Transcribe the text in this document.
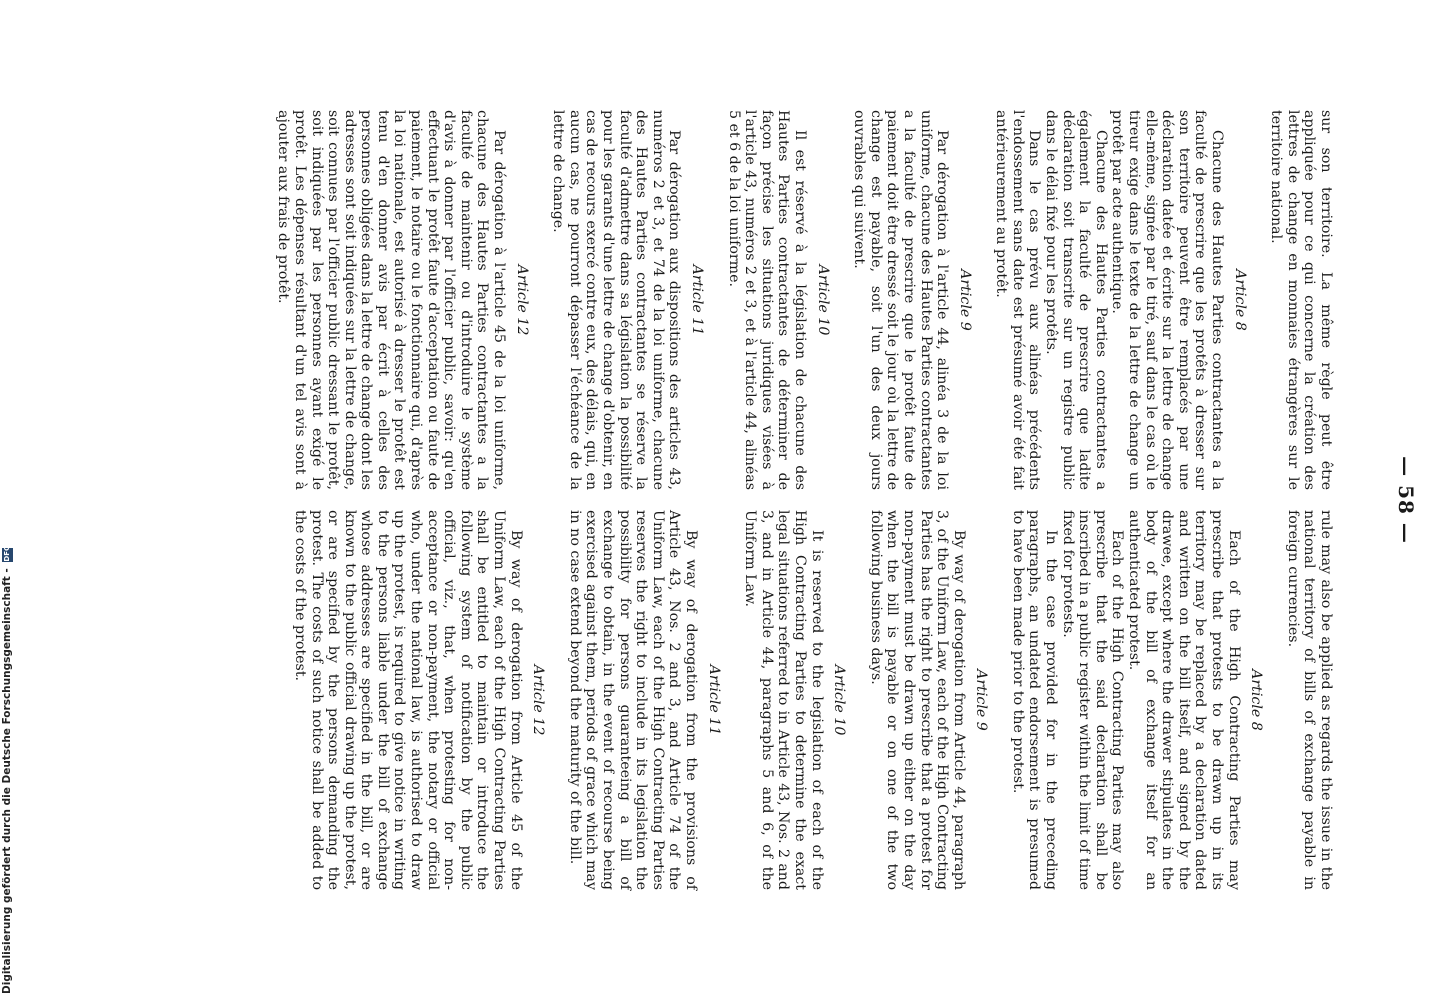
— 58 —

sur son territoire. La même règle peut être appliquée pour ce qui concerne la création des lettres de change en monnaies étrangères sur le territoire national.

Article 8

Chacune des Hautes Parties contractantes a la faculté de prescrire que les protêts à dresser sur son territoire peuvent être remplacés par une déclaration datée et écrite sur la lettre de change elle-même, signée par le tiré, sauf dans le cas où le tireur exige dans le texte de la lettre de change un protêt par acte authentique.

Chacune des Hautes Parties contractantes a également la faculté de prescrire que ladite déclaration soit transcrite sur un registre public dans le délai fixé pour les protêts.

Dans le cas prévu aux alinéas précédents l'endossement sans date est présumé avoir été fait antérieurement au protêt.

Article 9

Par dérogation à l'article 44, alinéa 3 de la loi uniforme, chacune des Hautes Parties contractantes a la faculté de prescrire que le protêt faute de paiement doit être dressé soit le jour où la lettre de change est payable, soit l'un des deux jours ouvrables qui suivent.

Article 10

Il est réservé à la législation de chacune des Hautes Parties contractantes de déterminer de façon précise les situations juridiques visées à l'article 43, numéros 2 et 3, et à l'article 44, alinéas 5 et 6 de la loi uniforme.

Article 11

Par dérogation aux dispositions des articles 43, numéros 2 et 3, et 74 de la loi uniforme, chacune des Hautes Parties contractantes se réserve la faculté d'admettre dans sa législation la possibilité pour les garants d'une lettre de change d'obtenir, en cas de recours exercé contre eux, des délais, qui, en aucun cas, ne pourront dépasser l'échéance de la lettre de change.

Article 12

Par dérogation à l'article 45 de la loi uniforme, chacune des Hautes Parties contractantes a la faculté de maintenir ou d'introduire le système d'avis à donner par l'officier public, savoir: qu'en effectuant le protêt faute d'acceptation ou faute de paiement, le notaire ou le fonctionnaire qui, d'après la loi nationale, est autorisé à dresser le protêt est tenu d'en donner avis par écrit à celles des personnes obligées dans la lettre de change dont les adresses sont soit indiquées sur la lettre de change, soit connues par l'officier public dressant le protêt, soit indiquées par les personnes ayant exigé le protêt. Les dépenses résultant d'un tel avis sont à ajouter aux frais de protêt.

rule may also be applied as regards the issue in the national territory of bills of exchange payable in foreign currencies.

Article 8

Each of the High Contracting Parties may prescribe that protests to be drawn up in its territory may be replaced by a declaration dated and written on the bill itself, and signed by the drawee, except where the drawer stipulates in the body of the bill of exchange itself for an authenticated protest.

Each of the High Contracting Parties may also prescribe that the said declaration shall be inscribed in a public register within the limit of time fixed for protests.

In the case provided for in the preceding paragraphs, an undated endorsement is presumed to have been made prior to the protest.

Article 9

By way of derogation from Article 44, paragraph 3, of the Uniform Law, each of the High Contracting Parties has the right to prescribe that a protest for non-payment must be drawn up either on the day when the bill is payable or on one of the two following business days.

Article 10

It is reserved to the legislation of each of the High Contracting Parties to determine the exact legal situations referred to in Article 43, Nos. 2 and 3, and in Article 44, paragraphs 5 and 6, of the Uniform Law.

Article 11

By way of derogation from the provisions of Article 43, Nos. 2 and 3, and Article 74 of the Uniform Law, each of the High Contracting Parties reserves the right to include in its legislation the possibility for persons guaranteeing a bill of exchange to obtain, in the event of recourse being exercised against them, periods of grace which may in no case extend beyond the maturity of the bill.

Article 12

By way of derogation from Article 45 of the Uniform Law, each of the High Contracting Parties shall be entitled to maintain or introduce the following system of notification by the public official, viz., that, when protesting for non-acceptance or non-payment, the notary or official who, under the national law, is authorised to draw up the protest, is required to give notice in writing to the persons liable under the bill of exchange whose addresses are specified in the bill, or are known to the public official drawing up the protest, or are specified by the persons demanding the protest. The costs of such notice shall be added to the costs of the protest.

Digitalisierung gefördert durch die Deutsche Forschungsgemeinschaft - DFG
